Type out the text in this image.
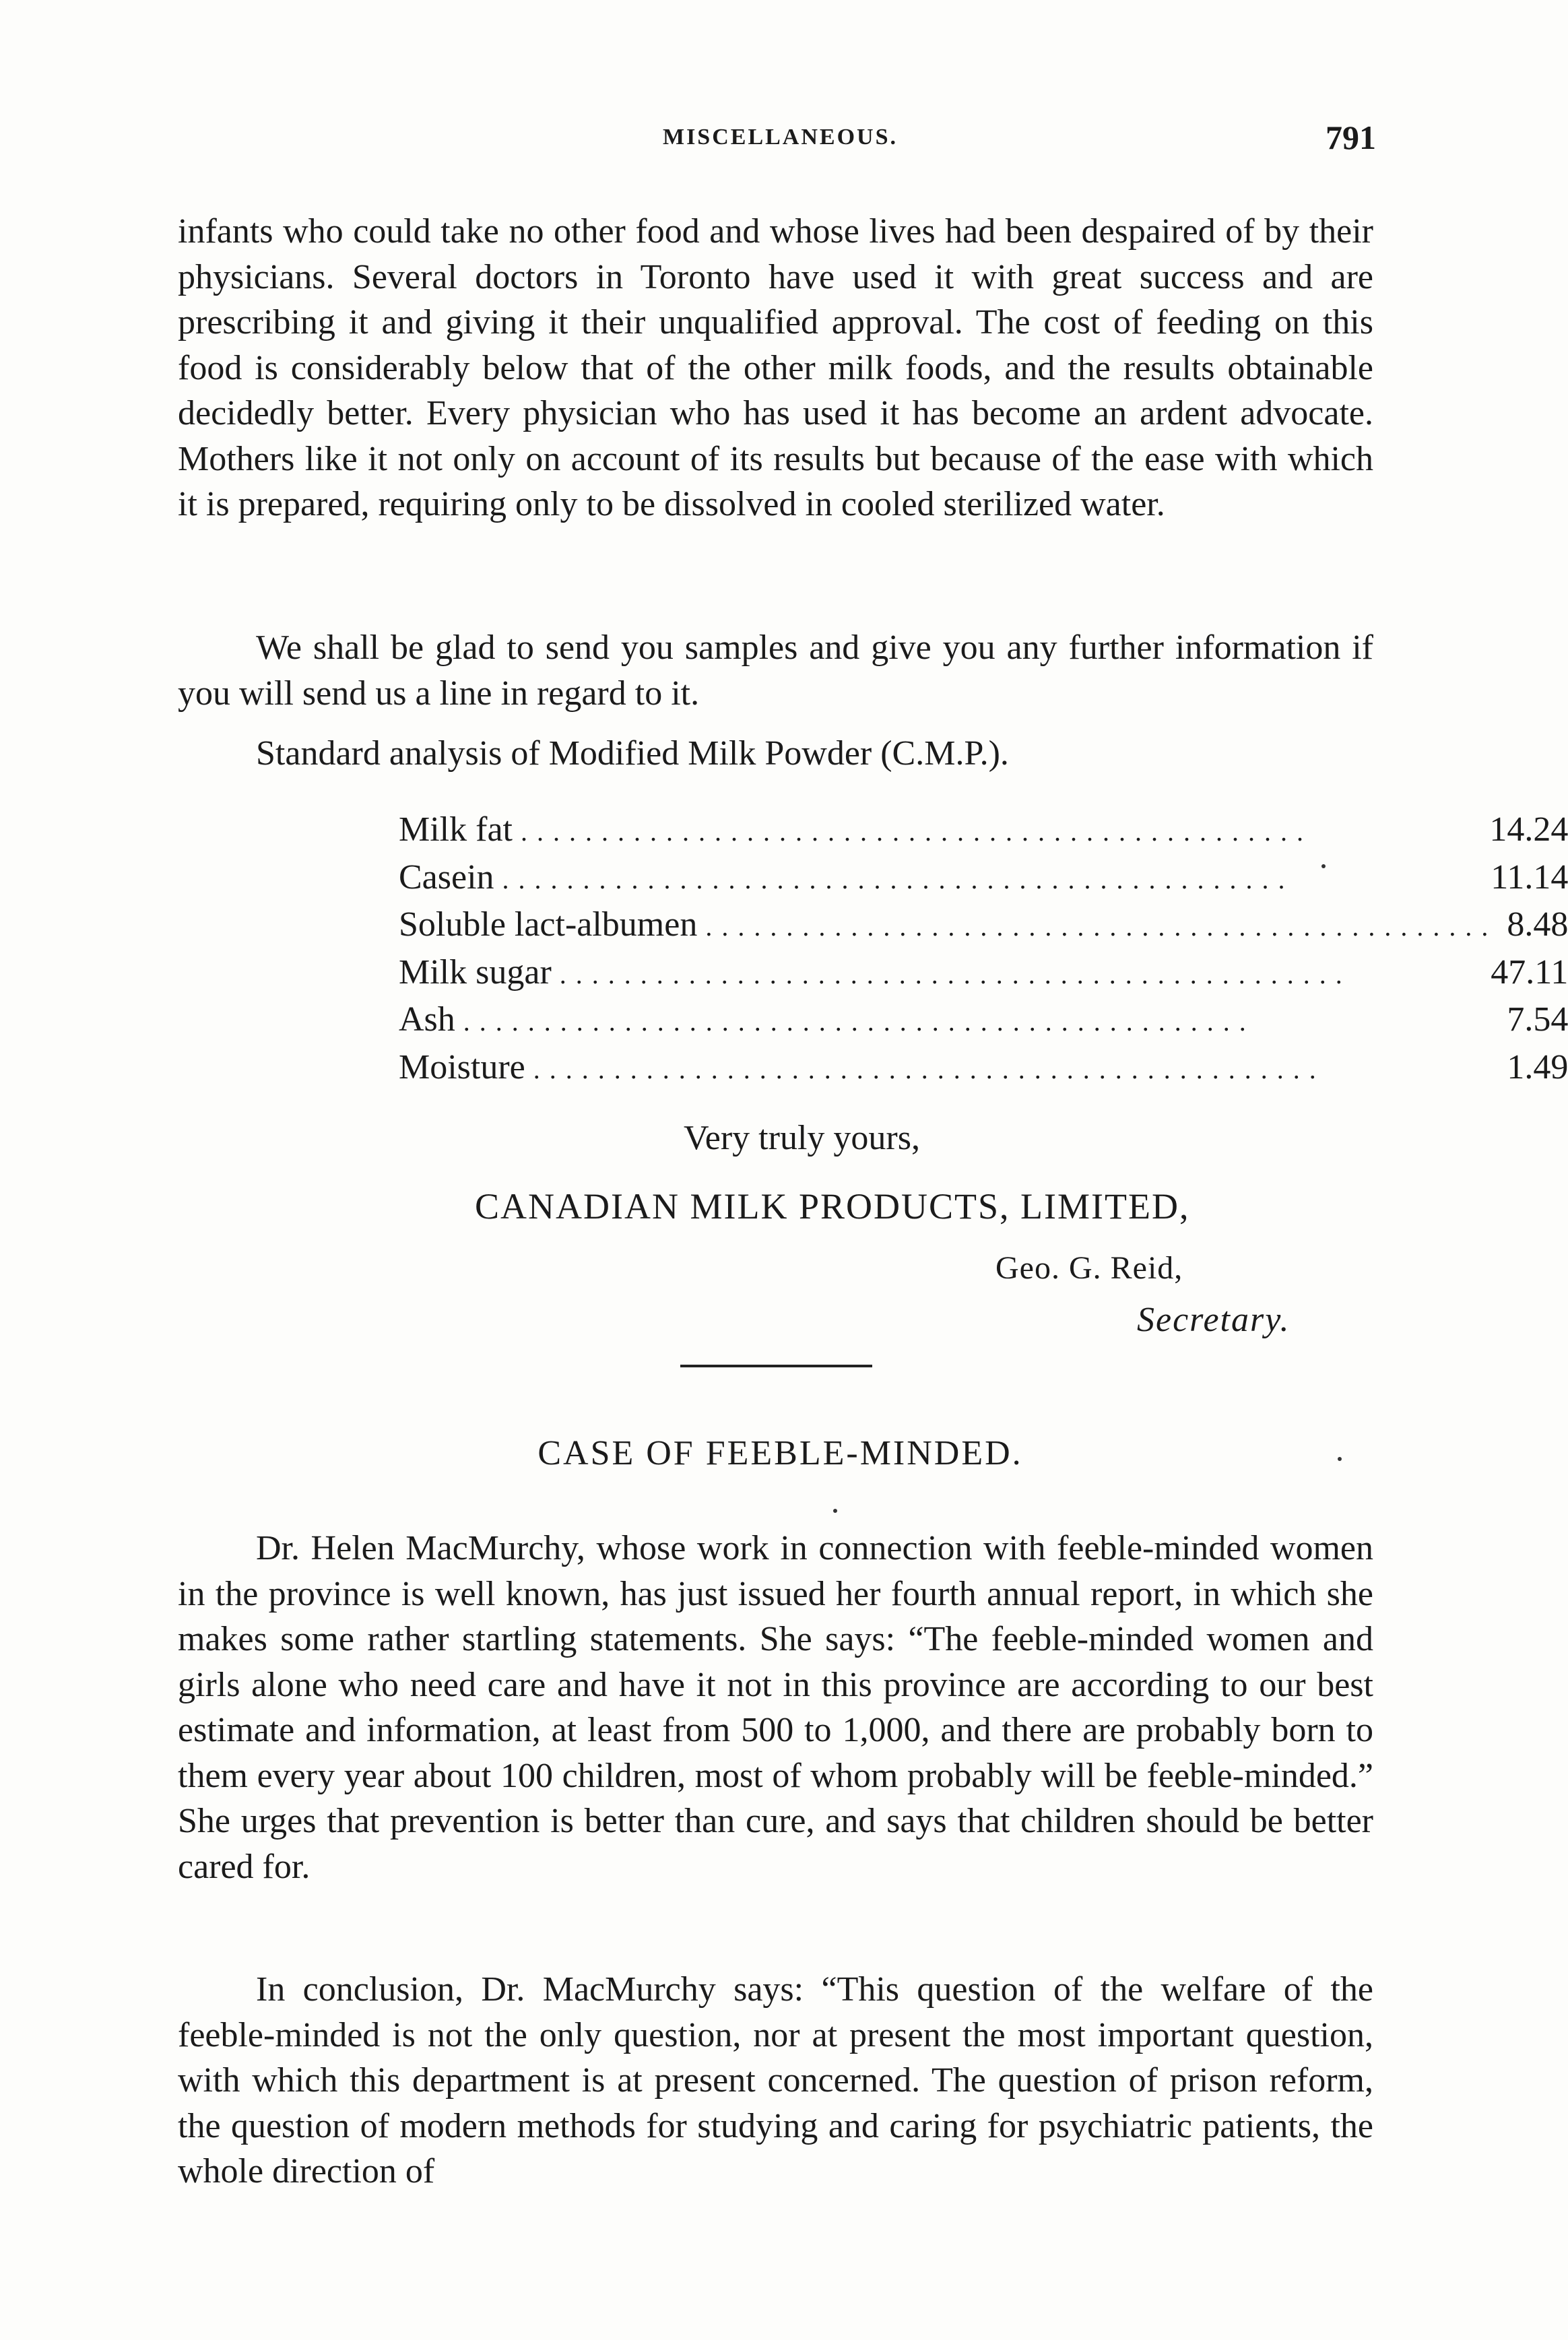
MISCELLANEOUS.	791

infants who could take no other food and whose lives had been despaired of by their physicians. Several doctors in Toronto have used it with great success and are prescribing it and giving it their unqualified approval. The cost of feeding on this food is considerably below that of the other milk foods, and the results obtainable decidedly better. Every physician who has used it has become an ardent advocate. Mothers like it not only on account of its results but because of the ease with which it is prepared, requiring only to be dissolved in cooled sterilized water.

We shall be glad to send you samples and give you any further information if you will send us a line in regard to it.

Standard analysis of Modified Milk Powder (C.M.P.).

Milk fat . . .	14.24

Casein . . .	11.14

Soluble lact-albumen . . .	8.48

Milk sugar . . .	47.11

Ash . . .	7.54

Moisture . . .	1.49

Very truly yours,

CANADIAN MILK PRODUCTS, LIMITED,

Geo. G. Reid,

Secretary.

CASE OF FEEBLE-MINDED.

Dr. Helen MacMurchy, whose work in connection with feeble-minded women in the province is well known, has just issued her fourth annual report, in which she makes some rather startling statements. She says: “The feeble-minded women and girls alone who need care and have it not in this province are according to our best estimate and information, at least from 500 to 1,000, and there are probably born to them every year about 100 children, most of whom probably will be feeble-minded.” She urges that prevention is better than cure, and says that children should be better cared for.

In conclusion, Dr. MacMurchy says: “This question of the welfare of the feeble-minded is not the only question, nor at present the most important question, with which this department is at present concerned. The question of prison reform, the question of modern methods for studying and caring for psychiatric patients, the whole direction of
